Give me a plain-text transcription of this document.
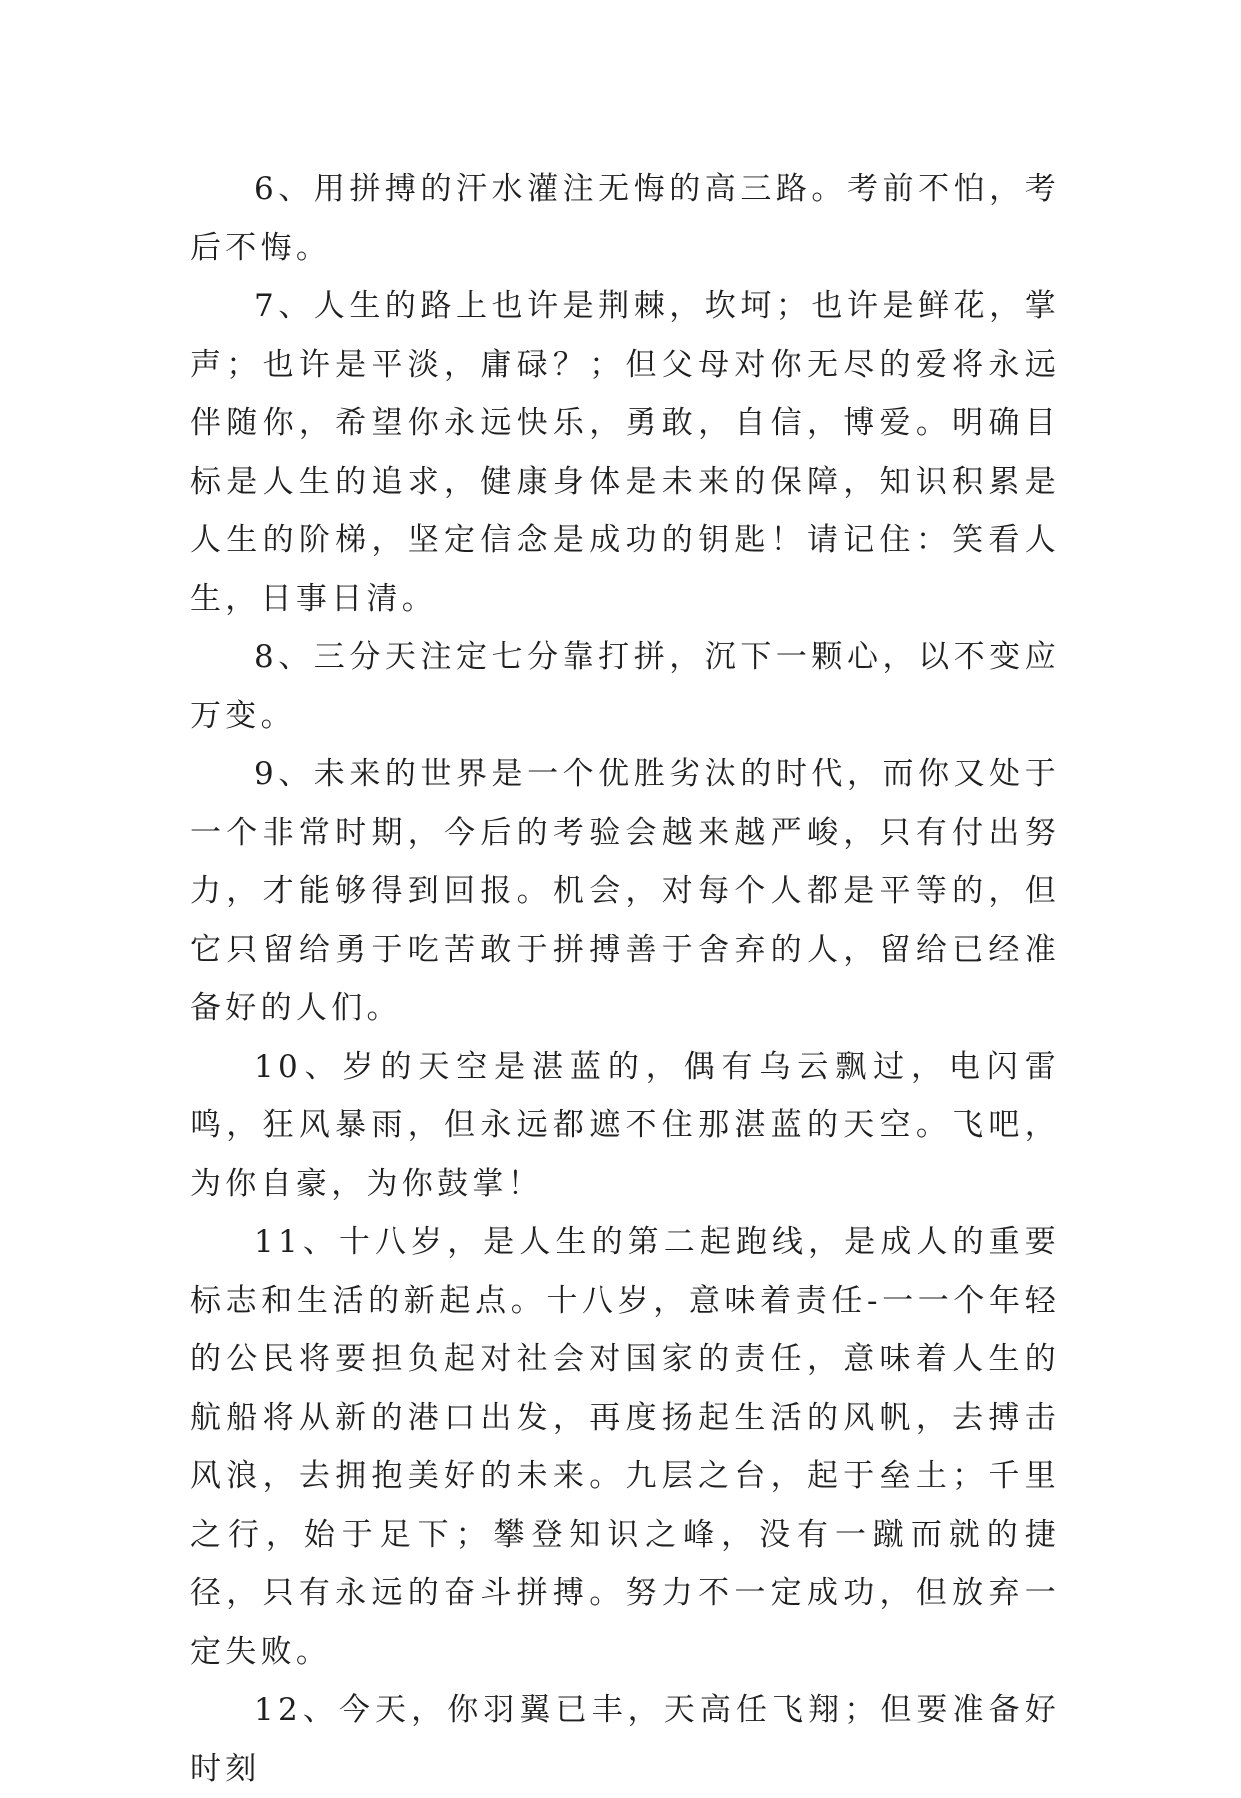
6、用拼搏的汗水灌注无悔的高三路。考前不怕，考后不悔。

7、人生的路上也许是荆棘，坎坷；也许是鲜花，掌声；也许是平淡，庸碌？；但父母对你无尽的爱将永远伴随你，希望你永远快乐，勇敢，自信，博爱。明确目标是人生的追求，健康身体是未来的保障，知识积累是人生的阶梯，坚定信念是成功的钥匙！请记住：笑看人生，日事日清。

8、三分天注定七分靠打拼，沉下一颗心，以不变应万变。

9、未来的世界是一个优胜劣汰的时代，而你又处于一个非常时期，今后的考验会越来越严峻，只有付出努力，才能够得到回报。机会，对每个人都是平等的，但它只留给勇于吃苦敢于拼搏善于舍弃的人，留给已经准备好的人们。

10、岁的天空是湛蓝的，偶有乌云飘过，电闪雷鸣，狂风暴雨，但永远都遮不住那湛蓝的天空。飞吧，为你自豪，为你鼓掌！

11、十八岁，是人生的第二起跑线，是成人的重要标志和生活的新起点。十八岁，意味着责任-一一个年轻的公民将要担负起对社会对国家的责任，意味着人生的航船将从新的港口出发，再度扬起生活的风帆，去搏击风浪，去拥抱美好的未来。九层之台，起于垒土；千里之行，始于足下；攀登知识之峰，没有一蹴而就的捷径，只有永远的奋斗拼搏。努力不一定成功，但放弃一定失败。

12、今天，你羽翼已丰，天高任飞翔；但要准备好时刻
